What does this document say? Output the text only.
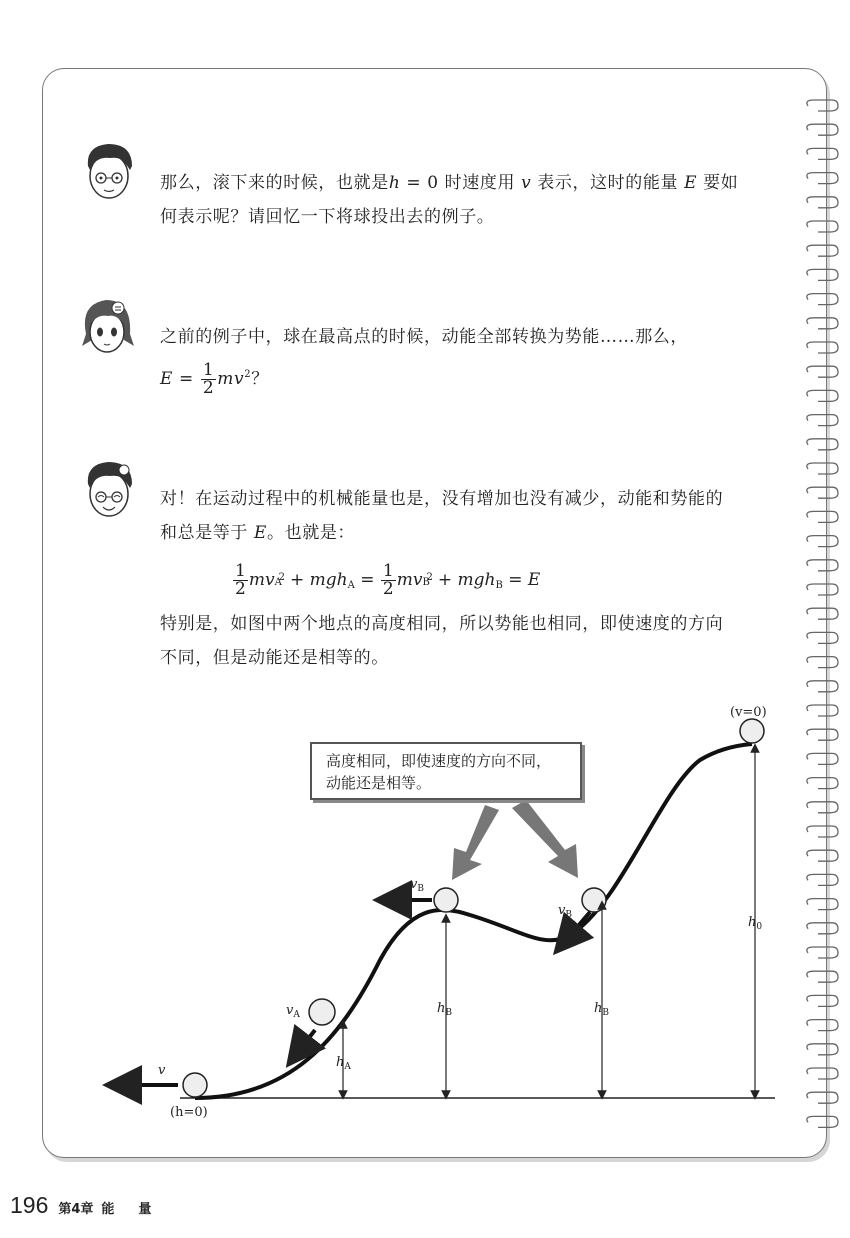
那么，滚下来的时候，也就是h = 0 时速度用 v 表示，这时的能量 E 要如
何表示呢？请回忆一下将球投出去的例子。
之前的例子中，球在最高点的时候，动能全部转换为势能……那么，
$E = \frac{1}{2} mv^2$？
对！在运动过程中的机械能量也是，没有增加也没有减少，动能和势能的
和总是等于 E。也就是：
$\frac{1}{2}$ mv A
$2 + mgh_A = \frac{1}{2}$ mv B
2 + mgh$_B$ = E
特别是，如图中两个地点的高度相同，所以势能也相同，即使速度的方向
不同，但是动能还是相等的。
v
(h=0)
(v=0)
$v_A$
$h_A$
$v_B$
$v_B$
$h_B$	$h_B$
$h_0$
高度相同，即使速度的方向不同，
动能还是相等。
196 第4章 能量
